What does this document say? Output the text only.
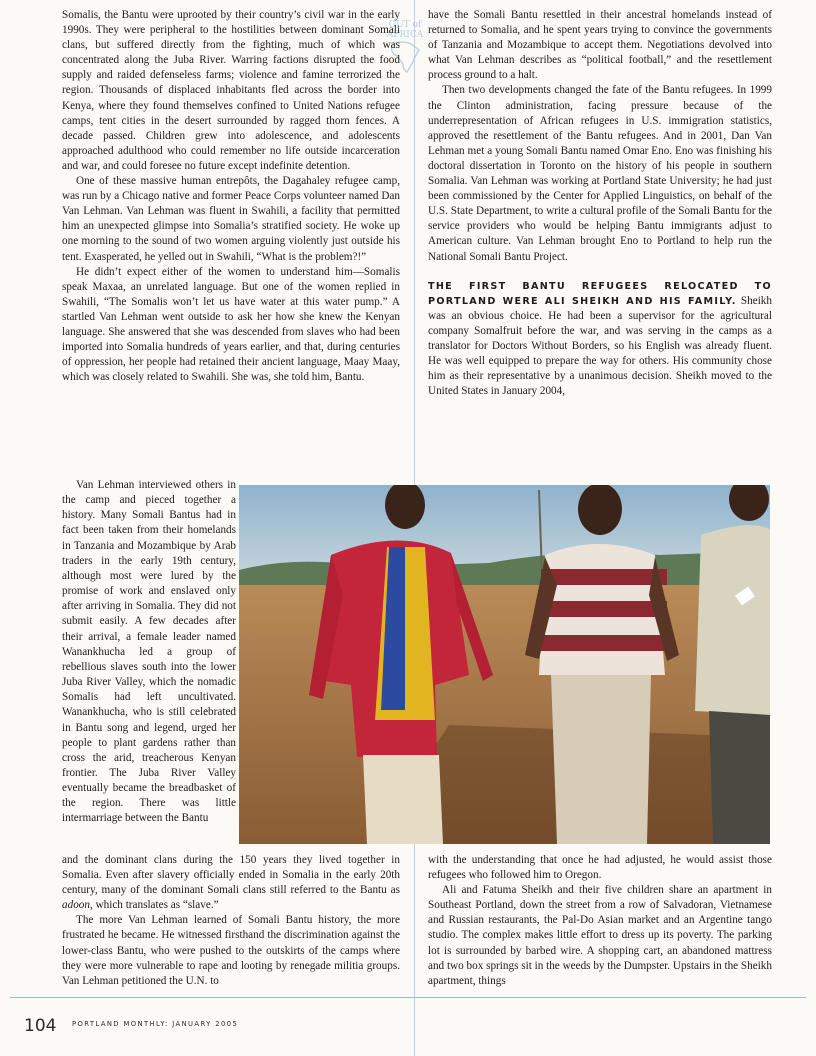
OUT of
AFRICA

Somalis, the Bantu were uprooted by their country’s civil war in the early 1990s. They were peripheral to the hostilities between dominant Somali clans, but suffered directly from the fighting, much of which was concentrated along the Juba River. Warring factions disrupted the food supply and raided defenseless farms; violence and famine terrorized the region. Thousands of displaced inhabitants fled across the border into Kenya, where they found themselves confined to United Nations refugee camps, tent cities in the desert surrounded by ragged thorn fences. A decade passed. Children grew into adolescence, and adolescents approached adulthood who could remember no life outside incarceration and war, and could foresee no future except indefinite detention.

One of these massive human entrepôts, the Dagahaley refugee camp, was run by a Chicago native and former Peace Corps volunteer named Dan Van Lehman. Van Lehman was fluent in Swahili, a facility that permitted him an unexpected glimpse into Somalia’s stratified society. He woke up one morning to the sound of two women arguing violently just outside his tent. Exasperated, he yelled out in Swahili, “What is the problem?!”

He didn’t expect either of the women to understand him—Somalis speak Maxaa, an unrelated language. But one of the women replied in Swahili, “The Somalis won’t let us have water at this water pump.” A startled Van Lehman went outside to ask her how she knew the Kenyan language. She answered that she was descended from slaves who had been imported into Somalia hundreds of years earlier, and that, during centuries of oppression, her people had retained their ancient language, Maay Maay, which was closely related to Swahili. She was, she told him, Bantu.

Van Lehman interviewed others in the camp and pieced together a history. Many Somali Bantus had in fact been taken from their homelands in Tanzania and Mozambique by Arab traders in the early 19th century, although most were lured by the promise of work and enslaved only after arriving in Somalia. They did not submit easily. A few decades after their arrival, a female leader named Wanankhucha led a group of rebellious slaves south into the lower Juba River Valley, which the nomadic Somalis had left uncultivated. Wanankhucha, who is still celebrated in Bantu song and legend, urged her people to plant gardens rather than cross the arid, treacherous Kenyan frontier. The Juba River Valley eventually became the breadbasket of the region. There was little intermarriage between the Bantu

and the dominant clans during the 150 years they lived together in Somalia. Even after slavery officially ended in Somalia in the early 20th century, many of the dominant Somali clans still referred to the Bantu as adoon, which translates as “slave.”

The more Van Lehman learned of Somali Bantu history, the more frustrated he became. He witnessed firsthand the discrimination against the lower-class Bantu, who were pushed to the outskirts of the camps where they were more vulnerable to rape and looting by renegade militia groups. Van Lehman petitioned the U.N. to

have the Somali Bantu resettled in their ancestral homelands instead of returned to Somalia, and he spent years trying to convince the governments of Tanzania and Mozambique to accept them. Negotiations devolved into what Van Lehman describes as “political football,” and the resettlement process ground to a halt.

Then two developments changed the fate of the Bantu refugees. In 1999 the Clinton administration, facing pressure because of the underrepresentation of African refugees in U.S. immigration statistics, approved the resettlement of the Bantu refugees. And in 2001, Dan Van Lehman met a young Somali Bantu named Omar Eno. Eno was finishing his doctoral dissertation in Toronto on the history of his people in southern Somalia. Van Lehman was working at Portland State University; he had just been commissioned by the Center for Applied Linguistics, on behalf of the U.S. State Department, to write a cultural profile of the Somali Bantu for the service providers who would be helping Bantu immigrants adjust to American culture. Van Lehman brought Eno to Portland to help run the National Somali Bantu Project.

THE FIRST BANTU REFUGEES RELOCATED TO PORTLAND WERE ALI SHEIKH AND HIS FAMILY. Sheikh was an obvious choice. He had been a supervisor for the agricultural company Somalfruit before the war, and was serving in the camps as a translator for Doctors Without Borders, so his English was already fluent. He was well equipped to prepare the way for others. His community chose him as their representative by a unanimous decision. Sheikh moved to the United States in January 2004,

with the understanding that once he had adjusted, he would assist those refugees who followed him to Oregon.

Ali and Fatuma Sheikh and their five children share an apartment in Southeast Portland, down the street from a row of Salvadoran, Vietnamese and Russian restaurants, the Pal-Do Asian market and an Argentine tango studio. The complex makes little effort to dress up its poverty. The parking lot is surrounded by barbed wire. A shopping cart, an abandoned mattress and two box springs sit in the weeds by the Dumpster. Upstairs in the Sheikh apartment, things

104 PORTLAND MONTHLY: JANUARY 2005
